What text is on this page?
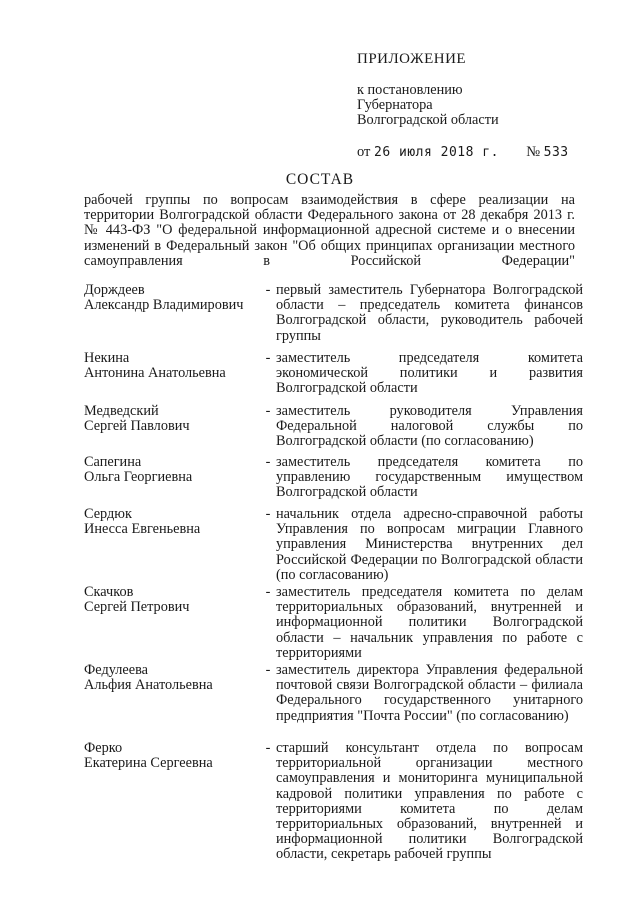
ПРИЛОЖЕНИЕ
к постановлению
Губернатора
Волгоградской области
от 26 июля 2018 г. № 533
СОСТАВ
рабочей группы по вопросам взаимодействия в сфере реализации на территории Волгоградской области Федерального закона от 28 декабря 2013 г. № 443-ФЗ "О федеральной информационной адресной системе и о внесении изменений в Федеральный закон "Об общих принципах организации местного самоуправления в Российской Федерации"
Дорждеев
Александр Владимирович
- первый заместитель Губернатора Волгоградской области – председатель комитета финансов Волгоградской области, руководитель рабочей группы
Некина
Антонина Анатольевна
- заместитель председателя комитета экономической политики и развития Волгоградской области
Медведский
Сергей Павлович
- заместитель руководителя Управления Федеральной налоговой службы по Волгоградской области (по согласованию)
Сапегина
Ольга Георгиевна
- заместитель председателя комитета по управлению государственным имуществом Волгоградской области
Сердюк
Инесса Евгеньевна
- начальник отдела адресно-справочной работы Управления по вопросам миграции Главного управления Министерства внутренних дел Российской Федерации по Волгоградской области (по согласованию)
Скачков
Сергей Петрович
- заместитель председателя комитета по делам территориальных образований, внутренней и информационной политики Волгоградской области – начальник управления по работе с территориями
Федулеева
Альфия Анатольевна
- заместитель директора Управления федеральной почтовой связи Волгоградской области – филиала Федерального государственного унитарного предприятия "Почта России" (по согласованию)
Ферко
Екатерина Сергеевна
- старший консультант отдела по вопросам территориальной организации местного самоуправления и мониторинга муниципальной кадровой политики управления по работе с территориями комитета по делам территориальных образований, внутренней и информационной политики Волгоградской области, секретарь рабочей группы
